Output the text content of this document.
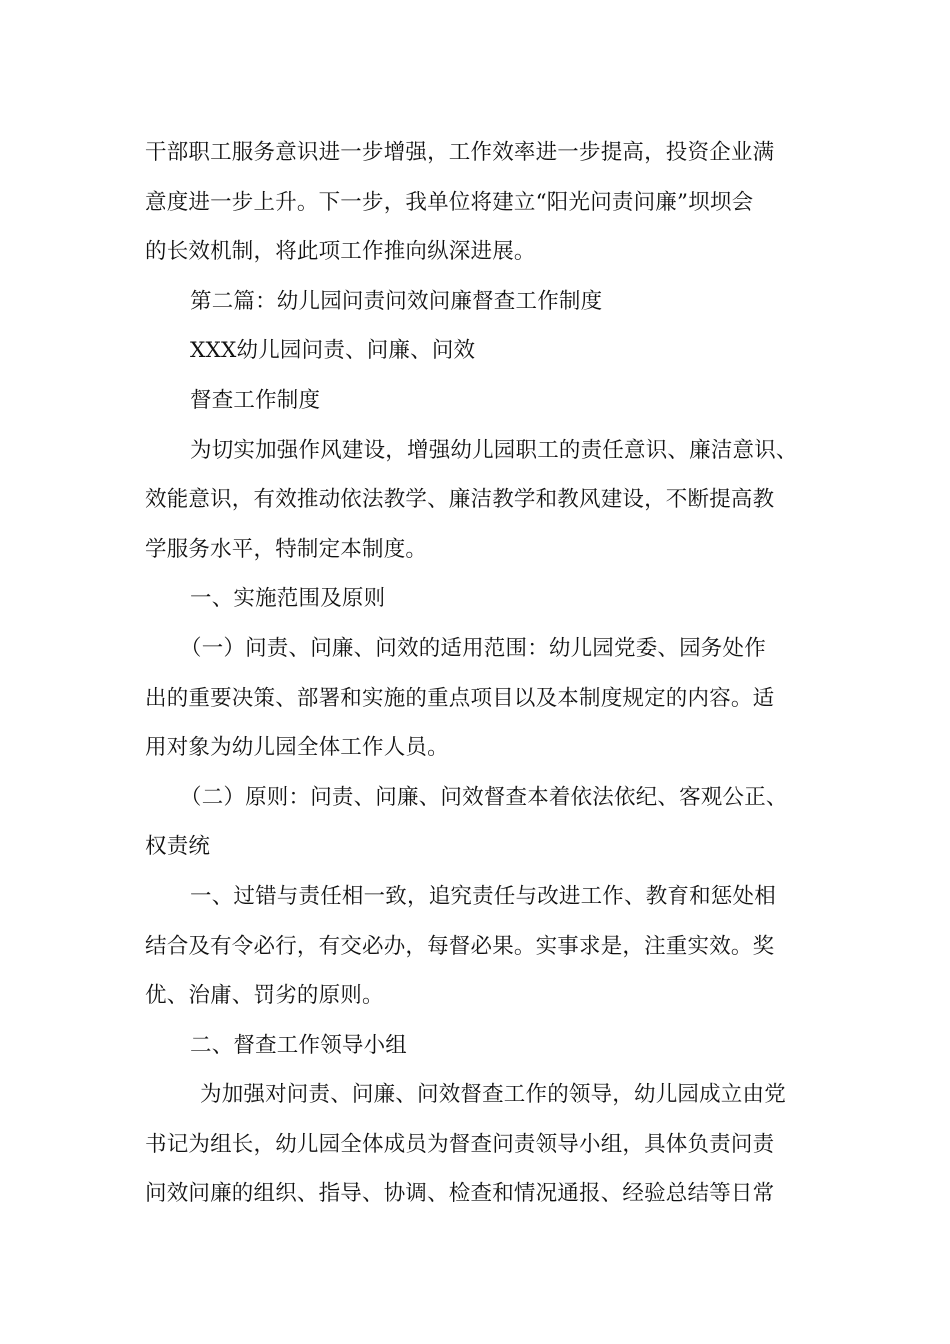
干部职工服务意识进一步增强，工作效率进一步提高，投资企业满
意度进一步上升。下一步，我单位将建立“阳光问责问廉”坝坝会
的长效机制，将此项工作推向纵深进展。
第二篇：幼儿园问责问效问廉督查工作制度
XXX幼儿园问责、问廉、问效
督查工作制度
为切实加强作风建设，增强幼儿园职工的责任意识、廉洁意识、
效能意识，有效推动依法教学、廉洁教学和教风建设，不断提高教
学服务水平，特制定本制度。
一、实施范围及原则
（一）问责、问廉、问效的适用范围：幼儿园党委、园务处作
出的重要决策、部署和实施的重点项目以及本制度规定的内容。适
用对象为幼儿园全体工作人员。
（二）原则：问责、问廉、问效督查本着依法依纪、客观公正、
权责统
一、过错与责任相一致，追究责任与改进工作、教育和惩处相
结合及有令必行，有交必办，每督必果。实事求是，注重实效。奖
优、治庸、罚劣的原则。
二、督查工作领导小组
为加强对问责、问廉、问效督查工作的领导，幼儿园成立由党
书记为组长，幼儿园全体成员为督查问责领导小组，具体负责问责
问效问廉的组织、指导、协调、检查和情况通报、经验总结等日常
